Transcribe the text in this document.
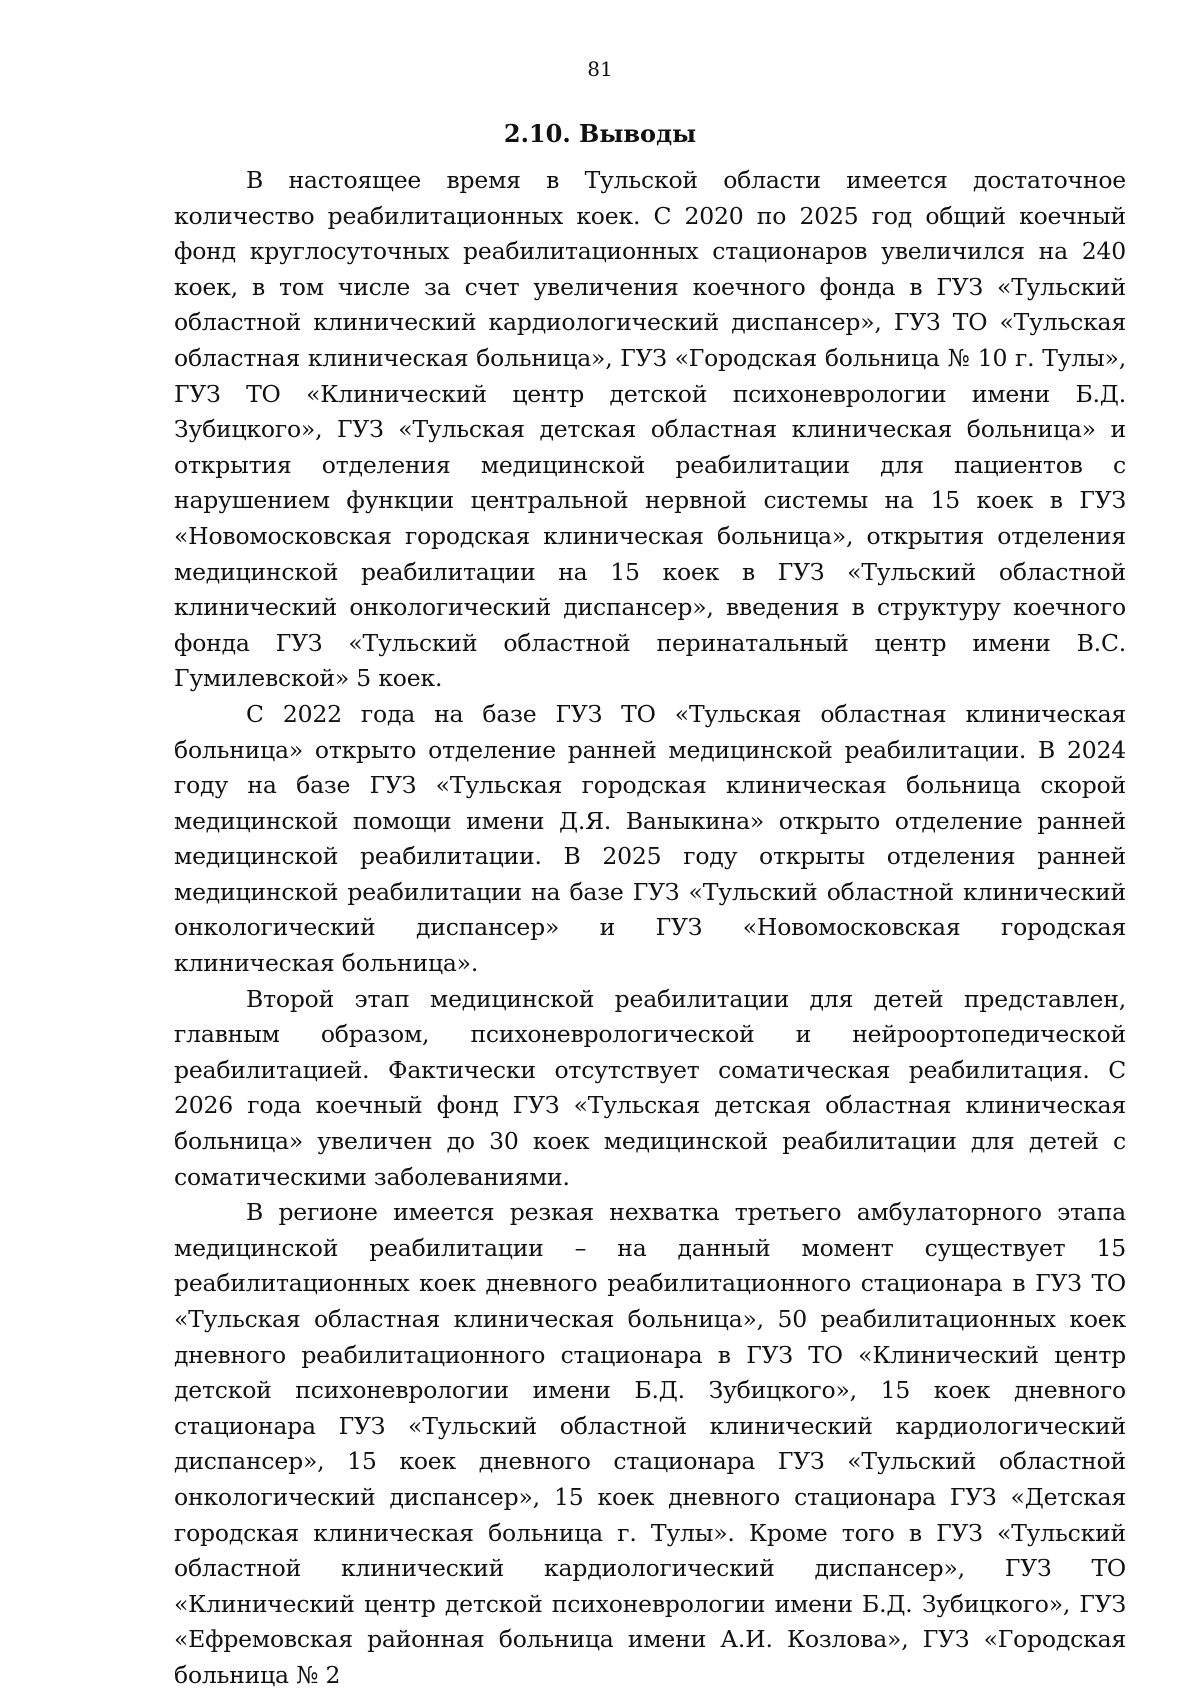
81
2.10. Выводы

В настоящее время в Тульской области имеется достаточное количество реабилитационных коек. С 2020 по 2025 год общий коечный фонд круглосуточных реабилитационных стационаров увеличился на 240 коек, в том числе за счет увеличения коечного фонда в ГУЗ «Тульский областной клинический кардиологический диспансер», ГУЗ ТО «Тульская областная клиническая больница», ГУЗ «Городская больница № 10 г. Тулы», ГУЗ ТО «Клинический центр детской психоневрологии имени Б.Д. Зубицкого», ГУЗ «Тульская детская областная клиническая больница» и открытия отделения медицинской реабилитации для пациентов с нарушением функции центральной нервной системы на 15 коек в ГУЗ «Новомосковская городская клиническая больница», открытия отделения медицинской реабилитации на 15 коек в ГУЗ «Тульский областной клинический онкологический диспансер», введения в структуру коечного фонда ГУЗ «Тульский областной перинатальный центр имени В.С. Гумилевской» 5 коек.

С 2022 года на базе ГУЗ ТО «Тульская областная клиническая больница» открыто отделение ранней медицинской реабилитации. В 2024 году на базе ГУЗ «Тульская городская клиническая больница скорой медицинской помощи имени Д.Я. Ваныкина» открыто отделение ранней медицинской реабилитации. В 2025 году открыты отделения ранней медицинской реабилитации на базе ГУЗ «Тульский областной клинический онкологический диспансер» и ГУЗ «Новомосковская городская клиническая больница».

Второй этап медицинской реабилитации для детей представлен, главным образом, психоневрологической и нейроортопедической реабилитацией. Фактически отсутствует соматическая реабилитация. С 2026 года коечный фонд ГУЗ «Тульская детская областная клиническая больница» увеличен до 30 коек медицинской реабилитации для детей с соматическими заболеваниями.

В регионе имеется резкая нехватка третьего амбулаторного этапа медицинской реабилитации – на данный момент существует 15 реабилитационных коек дневного реабилитационного стационара в ГУЗ ТО «Тульская областная клиническая больница», 50 реабилитационных коек дневного реабилитационного стационара в ГУЗ ТО «Клинический центр детской психоневрологии имени Б.Д. Зубицкого», 15 коек дневного стационара ГУЗ «Тульский областной клинический кардиологический диспансер», 15 коек дневного стационара ГУЗ «Тульский областной онкологический диспансер», 15 коек дневного стационара ГУЗ «Детская городская клиническая больница г. Тулы». Кроме того в ГУЗ «Тульский областной клинический кардиологический диспансер», ГУЗ ТО «Клинический центр детской психоневрологии имени Б.Д. Зубицкого», ГУЗ «Ефремовская районная больница имени А.И. Козлова», ГУЗ «Городская больница № 2
